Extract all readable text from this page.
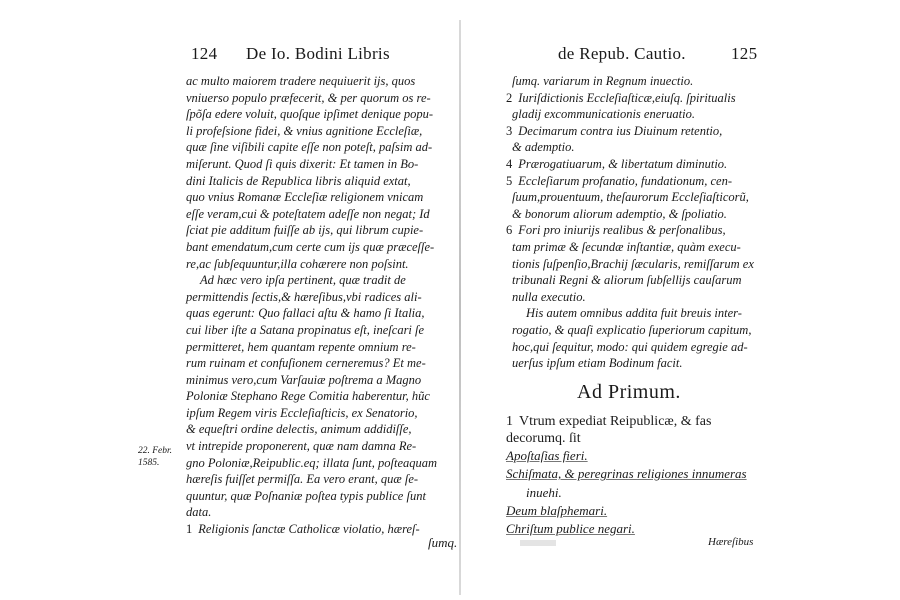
124 De Io. Bodini Libris
ac multo maiorem tradere nequiuerit ijs, quos
vniuerso populo præfecerit, & per quorum os re-
ſpõſa edere voluit, quoſque ipſimet denique popu-
li profeſsione fidei, & vnius agnitione Eccleſiæ,
quæ ſine viſibili capite eſſe non poteſt, paſsim ad-
miſerunt. Quod ſi quis dixerit: Et tamen in Bo-
dini Italicis de Republica libris aliquid extat,
quo vnius Romanæ Eccleſiæ religionem vnicam
eſſe veram,cui & poteſtatem adeſſe non negat; Id
ſciat pie additum fuiſſe ab ijs, qui librum cupie-
bant emendatum,cum certe cum ijs quæ præceſſe-
re,ac ſubſequuntur,illa cohærere non poſsint.
Ad hæc vero ipſa pertinent, quæ tradit de
permittendis ſectis,& hæreſibus,vbi radices ali-
quas egerunt: Quo fallaci aſtu & hamo ſi Italia,
cui liber iſte a Satana propinatus eſt, ineſcari ſe
permitteret, hem quantam repente omnium re-
rum ruinam et confuſionem cerneremus? Et me-
minimus vero,cum Varſauiæ poſtrema a Magno
Poloniæ Stephano Rege Comitia haberentur, hũc
ipſum Regem viris Eccleſiaſticis, ex Senatorio,
& equeſtri ordine delectis, animum addidiſſe,
vt intrepide proponerent, quæ nam damna Re-
gno Poloniæ,Reipublic.eq; illata ſunt, poſteaquam
hæreſis fuiſſet permiſſa. Ea vero erant, quæ ſe-
quuntur, quæ Poſnaniæ poſtea typis publice ſunt
data.
1 Religionis ſanctæ Catholicæ violatio, hæreſ-
22. Febr.
1585.
ſumq.
de Repub. Cautio.	125
ſumq. variarum in Regnum inuectio.
2 Iuriſdictionis Eccleſiaſticæ,eiuſq. ſpiritualis
gladij excommunicationis eneruatio.
3 Decimarum contra ius Diuinum retentio,
& ademptio.
4 Prærogatiuarum, & libertatum diminutio.
5 Eccleſiarum profanatio, fundationum, cen-
ſuum,prouentuum, theſaurorum Eccleſiaſticorũ,
& bonorum aliorum ademptio, & ſpoliatio.
6 Fori pro iniurijs realibus & perſonalibus,
tam primæ & ſecundæ inſtantiæ, quàm execu-
tionis ſuſpenſio,Brachij ſæcularis, remiſſarum ex
tribunali Regni & aliorum ſubſellijs cauſarum
nulla executio.
His autem omnibus addita fuit breuis inter-
rogatio, & quaſi explicatio ſuperiorum capitum,
hoc,qui ſequitur, modo: qui quidem egregie ad-
uerſus ipſum etiam Bodinum facit.
Ad Primum.
1 Vtrum expediat Reipublicæ, & fas
decorumq. ſit
Apoſtaſias fieri.
Schiſmata, & peregrinas religiones innumeras
inuehi.
Deum blaſphemari.
Chriſtum publice negari.
Hæreſibus
